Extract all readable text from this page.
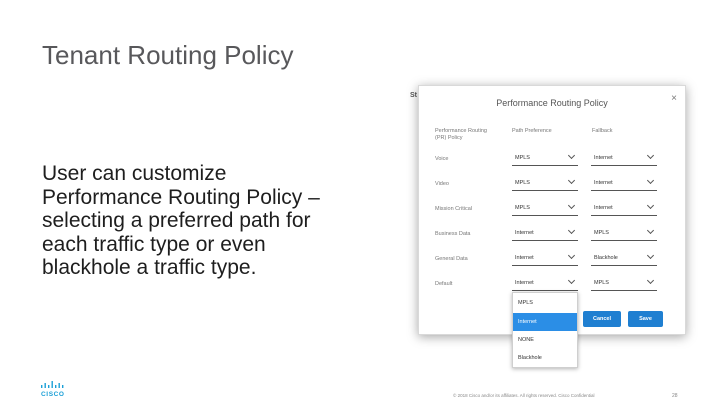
Tenant Routing Policy
User can customize Performance Routing Policy – selecting a preferred path for each traffic type or even blackhole a traffic type.
St
Performance Routing Policy	×
Performance Routing
(PR) Policy
Path Preference	Fallback
Voice	MPLS	Internet
Video	MPLS	Internet
Mission Critical	MPLS	Internet
Business Data	Internet	MPLS
General Data	Internet	Blackhole
Default	Internet	MPLS
Cancel	Save
MPLS
Internet
NONE
Blackhole
CISCO	© 2018 Cisco and/or its affiliates. All rights reserved. Cisco Confidential	28
